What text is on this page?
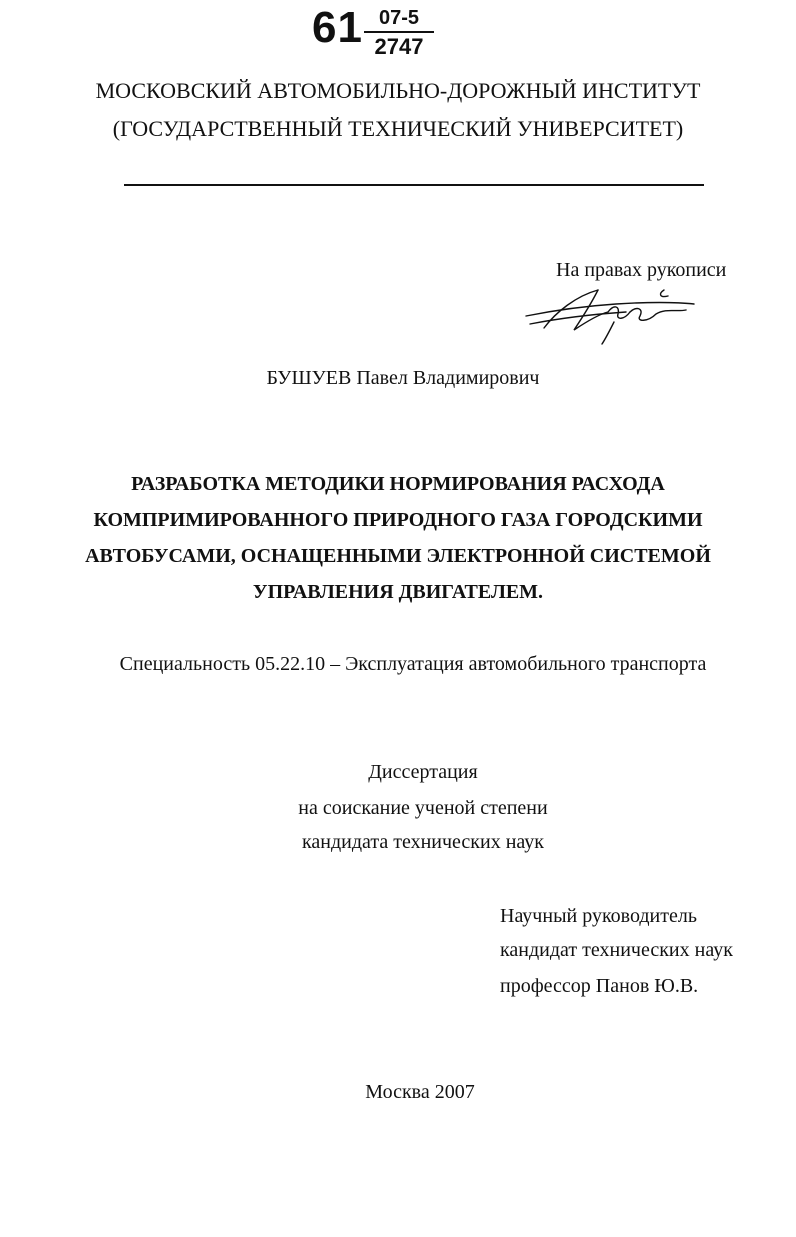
61 07-5
2747
МОСКОВСКИЙ АВТОМОБИЛЬНО-ДОРОЖНЫЙ ИНСТИТУТ
(ГОСУДАРСТВЕННЫЙ ТЕХНИЧЕСКИЙ УНИВЕРСИТЕТ)
На правах рукописи
БУШУЕВ Павел Владимирович
РАЗРАБОТКА МЕТОДИКИ НОРМИРОВАНИЯ РАСХОДА
КОМПРИМИРОВАННОГО ПРИРОДНОГО ГАЗА ГОРОДСКИМИ
АВТОБУСАМИ, ОСНАЩЕННЫМИ ЭЛЕКТРОННОЙ СИСТЕМОЙ
УПРАВЛЕНИЯ ДВИГАТЕЛЕМ.
Специальность 05.22.10 – Эксплуатация автомобильного транспорта
Диссертация
на соискание ученой степени
кандидата технических наук
Научный руководитель
кандидат технических наук
профессор Панов Ю.В.
Москва 2007
